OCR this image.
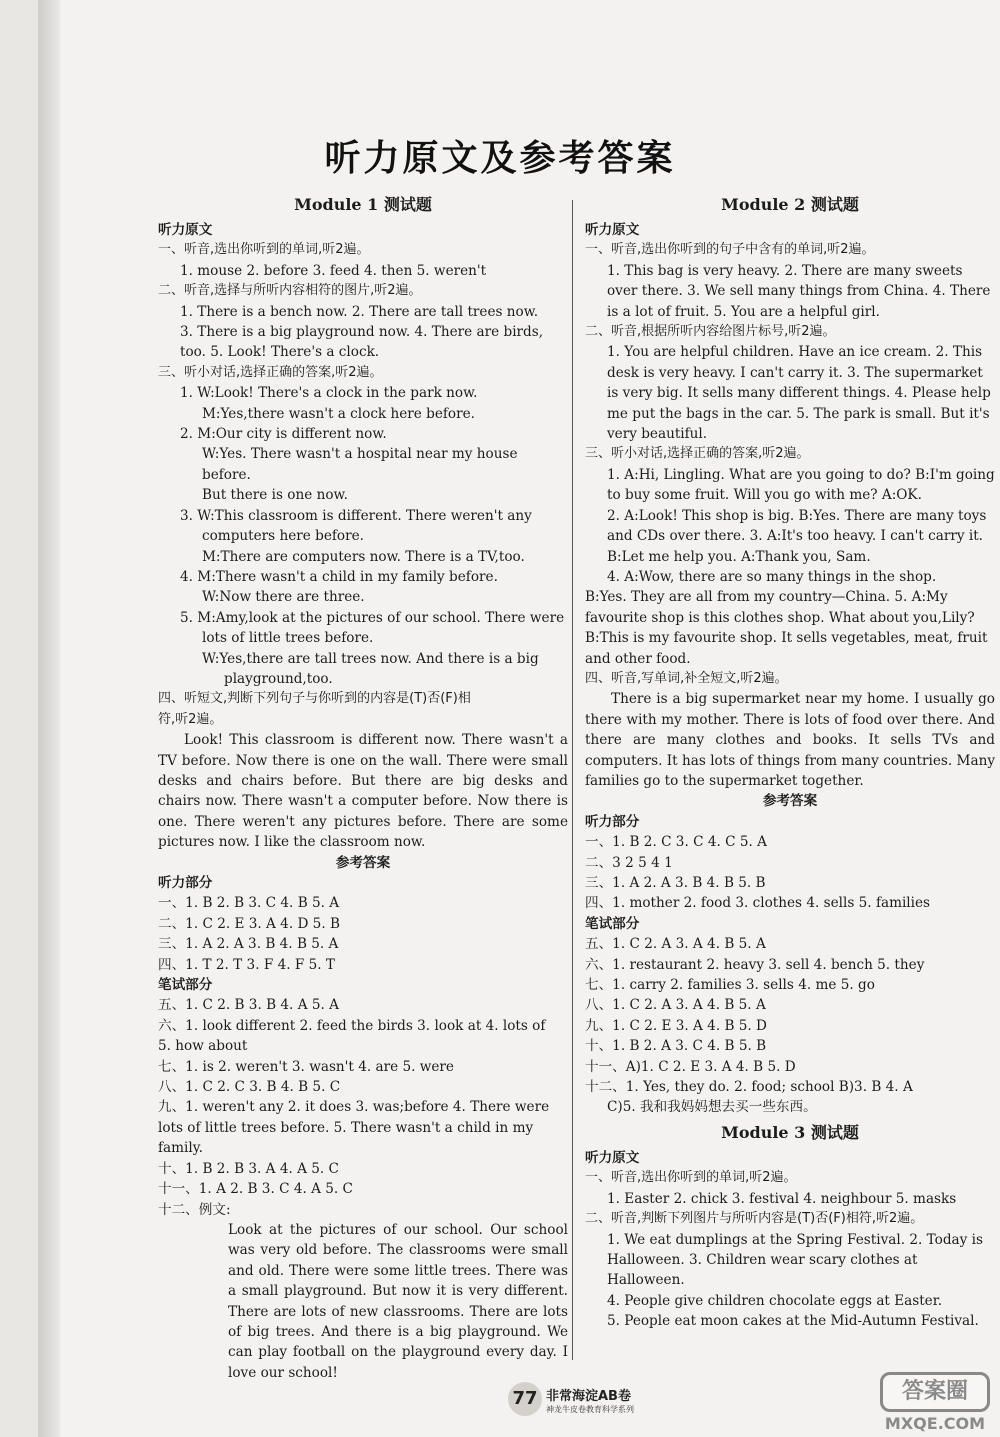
听力原文及参考答案
Module 1 测试题
听力原文

一、听音,选出你听到的单词,听2遍。

1. mouse 2. before 3. feed 4. then 5. weren't

二、听音,选择与所听内容相符的图片,听2遍。

1. There is a bench now. 2. There are tall trees now.

3. There is a big playground now. 4. There are birds,

too. 5. Look! There's a clock.

三、听小对话,选择正确的答案,听2遍。

1. W:Look! There's a clock in the park now.

M:Yes,there wasn't a clock here before.

2. M:Our city is different now.

W:Yes. There wasn't a hospital near my house before.

But there is one now.

3. W:This classroom is different. There weren't any

computers here before.

M:There are computers now. There is a TV,too.

4. M:There wasn't a child in my family before.

W:Now there are three.

5. M:Amy,look at the pictures of our school. There were

lots of little trees before.

W:Yes,there are tall trees now. And there is a big

playground,too.

四、听短文,判断下列句子与你听到的内容是(T)否(F)相

符,听2遍。

Look! This classroom is different now. There wasn't a TV before. Now there is one on the wall. There were small desks and chairs before. But there are big desks and chairs now. There wasn't a computer before. Now there is one. There weren't any pictures before. There are some pictures now. I like the classroom now.

参考答案

听力部分

一、1. B 2. B 3. C 4. B 5. A

二、1. C 2. E 3. A 4. D 5. B

三、1. A 2. A 3. B 4. B 5. A

四、1. T 2. T 3. F 4. F 5. T

笔试部分

五、1. C 2. B 3. B 4. A 5. A

六、1. look different 2. feed the birds 3. look at 4. lots of

5. how about

七、1. is 2. weren't 3. wasn't 4. are 5. were

八、1. C 2. C 3. B 4. B 5. C

九、1. weren't any 2. it does 3. was;before 4. There were

lots of little trees before. 5. There wasn't a child in my

family.

十、1. B 2. B 3. A 4. A 5. C

十一、1. A 2. B 3. C 4. A 5. C

十二、例文:

Look at the pictures of our school. Our school was very old before. The classrooms were small and old. There were some little trees. There was a small playground. But now it is very different. There are lots of new classrooms. There are lots of big trees. And there is a big playground. We can play football on the playground every day. I love our school!

Module 2 测试题
听力原文

一、听音,选出你听到的句子中含有的单词,听2遍。

1. This bag is very heavy. 2. There are many sweets over there. 3. We sell many things from China. 4. There is a lot of fruit. 5. You are a helpful girl.

二、听音,根据所听内容给图片标号,听2遍。

1. You are helpful children. Have an ice cream. 2. This desk is very heavy. I can't carry it. 3. The supermarket is very big. It sells many different things. 4. Please help me put the bags in the car. 5. The park is small. But it's very beautiful.

三、听小对话,选择正确的答案,听2遍。

1. A:Hi, Lingling. What are you going to do? B:I'm going to buy some fruit. Will you go with me? A:OK.

2. A:Look! This shop is big. B:Yes. There are many toys and CDs over there. 3. A:It's too heavy. I can't carry it. B:Let me help you. A:Thank you, Sam.

4. A:Wow, there are so many things in the shop.

B:Yes. They are all from my country—China. 5. A:My favourite shop is this clothes shop. What about you,Lily? B:This is my favourite shop. It sells vegetables, meat, fruit and other food.

四、听音,写单词,补全短文,听2遍。

There is a big supermarket near my home. I usually go there with my mother. There is lots of food over there. And there are many clothes and books. It sells TVs and computers. It has lots of things from many countries. Many families go to the supermarket together.

参考答案

听力部分

一、1. B 2. C 3. C 4. C 5. A

二、3 2 5 4 1

三、1. A 2. A 3. B 4. B 5. B

四、1. mother 2. food 3. clothes 4. sells 5. families

笔试部分

五、1. C 2. A 3. A 4. B 5. A

六、1. restaurant 2. heavy 3. sell 4. bench 5. they

七、1. carry 2. families 3. sells 4. me 5. go

八、1. C 2. A 3. A 4. B 5. A

九、1. C 2. E 3. A 4. B 5. D

十、1. B 2. A 3. C 4. B 5. B

十一、A)1. C 2. E 3. A 4. B 5. D

十二、1. Yes, they do. 2. food; school B)3. B 4. A

C)5. 我和我妈妈想去买一些东西。

Module 3 测试题
听力原文

一、听音,选出你听到的单词,听2遍。

1. Easter 2. chick 3. festival 4. neighbour 5. masks

二、听音,判断下列图片与所听内容是(T)否(F)相符,听2遍。

1. We eat dumplings at the Spring Festival. 2. Today is Halloween. 3. Children wear scary clothes at Halloween.

4. People give children chocolate eggs at Easter.

5. People eat moon cakes at the Mid-Autumn Festival.

77 非常海淀AB卷
神龙牛皮卷教育科学系列
答案圈
MXQE.COM
